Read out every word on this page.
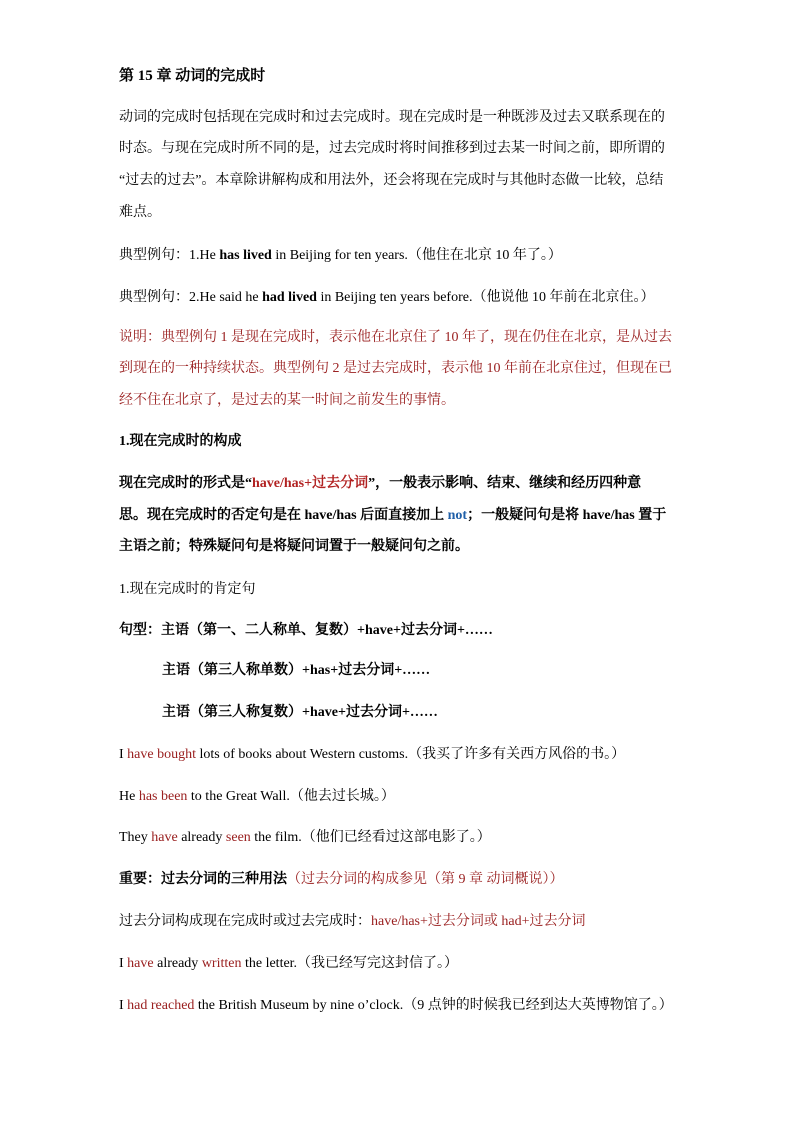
第 15 章 动词的完成时
动词的完成时包括现在完成时和过去完成时。现在完成时是一种既涉及过去又联系现在的
时态。与现在完成时所不同的是，过去完成时将时间推移到过去某一时间之前，即所谓的
“过去的过去”。本章除讲解构成和用法外，还会将现在完成时与其他时态做一比较，总结
难点。
典型例句：1.He has lived in Beijing for ten years.（他住在北京 10 年了。）
典型例句：2.He said he had lived in Beijing ten years before.（他说他 10 年前在北京住。）
说明：典型例句 1 是现在完成时，表示他在北京住了 10 年了，现在仍住在北京，是从过去
到现在的一种持续状态。典型例句 2 是过去完成时，表示他 10 年前在北京住过，但现在已
经不住在北京了，是过去的某一时间之前发生的事情。
1.现在完成时的构成
现在完成时的形式是“have/has+过去分词”，一般表示影响、结束、继续和经历四种意
思。现在完成时的否定句是在 have/has 后面直接加上 not；一般疑问句是将 have/has 置于
主语之前；特殊疑问句是将疑问词置于一般疑问句之前。
1.现在完成时的肯定句
句型：主语（第一、二人称单、复数）+have+过去分词+……
主语（第三人称单数）+has+过去分词+……
主语（第三人称复数）+have+过去分词+……
I have bought lots of books about Western customs.（我买了许多有关西方风俗的书。）
He has been to the Great Wall.（他去过长城。）
They have already seen the film.（他们已经看过这部电影了。）
重要：过去分词的三种用法（过去分词的构成参见（第 9 章 动词概说））
过去分词构成现在完成时或过去完成时：have/has+过去分词或 had+过去分词
I have already written the letter.（我已经写完这封信了。）
I had reached the British Museum by nine o’clock.（9 点钟的时候我已经到达大英博物馆了。）
